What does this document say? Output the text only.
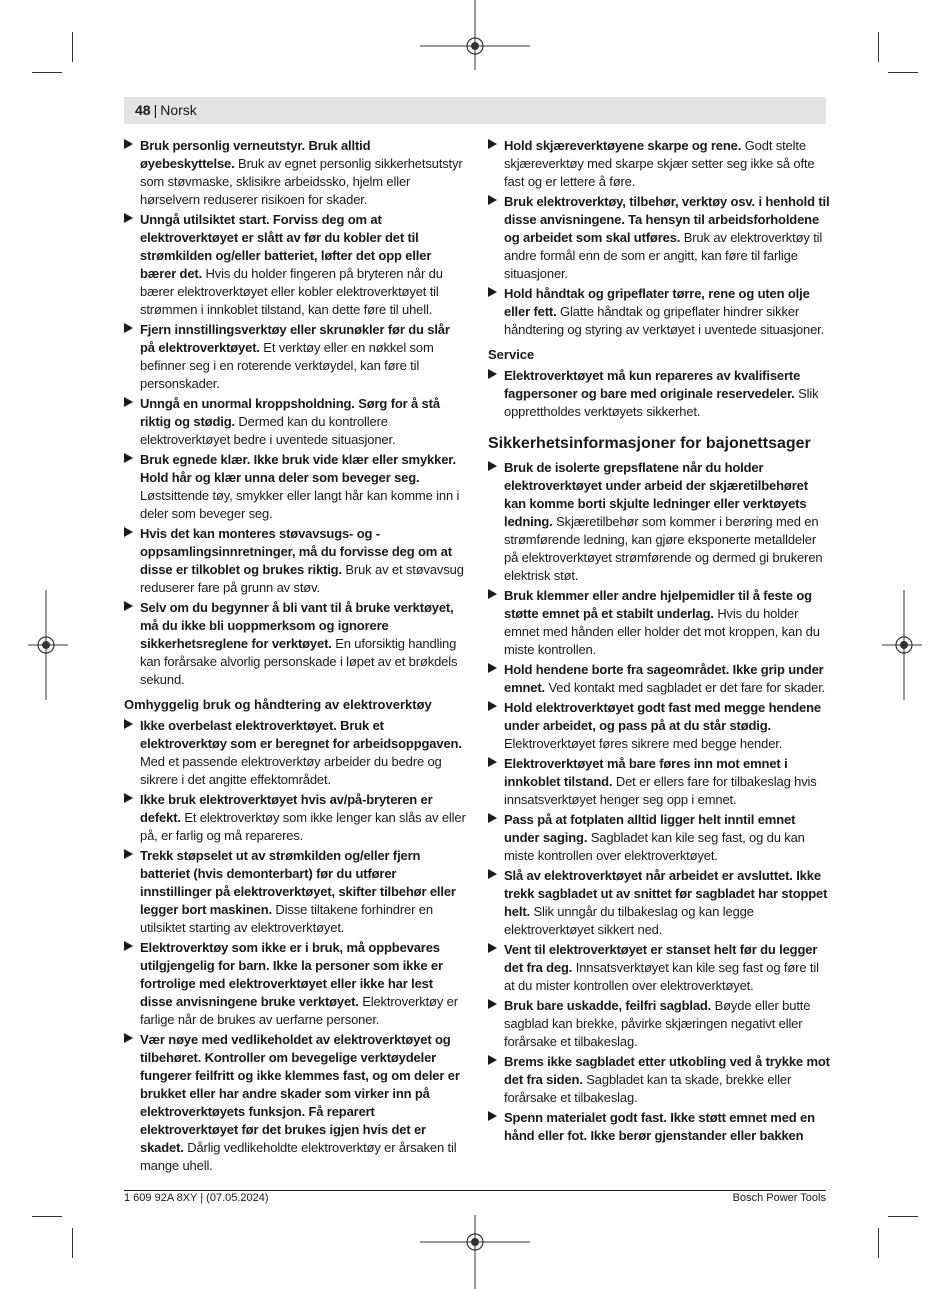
48 | Norsk
Bruk personlig verneutstyr. Bruk alltid øyebeskyttelse. Bruk av egnet personlig sikkerhetsutstyr som støvmaske, sklisikre arbeidssko, hjelm eller hørselvern reduserer risikoen for skader.
Unngå utilsiktet start. Forviss deg om at elektroverktøyet er slått av før du kobler det til strømkilden og/eller batteriet, løfter det opp eller bærer det. Hvis du holder fingeren på bryteren når du bærer elektroverktøyet eller kobler elektroverktøyet til strømmen i innkoblet tilstand, kan dette føre til uhell.
Fjern innstillingsverktøy eller skrunøkler før du slår på elektroverktøyet. Et verktøy eller en nøkkel som befinner seg i en roterende verktøydel, kan føre til personskader.
Unngå en unormal kroppsholdning. Sørg for å stå riktig og stødig. Dermed kan du kontrollere elektroverktøyet bedre i uventede situasjoner.
Bruk egnede klær. Ikke bruk vide klær eller smykker. Hold hår og klær unna deler som beveger seg. Løstsittende tøy, smykker eller langt hår kan komme inn i deler som beveger seg.
Hvis det kan monteres støvavsugs- og -oppsamlingsinnretninger, må du forvisse deg om at disse er tilkoblet og brukes riktig. Bruk av et støvavsug reduserer fare på grunn av støv.
Selv om du begynner å bli vant til å bruke verktøyet, må du ikke bli uoppmerksom og ignorere sikkerhetsreglene for verktøyet. En uforsiktig handling kan forårsake alvorlig personskade i løpet av et brøkdels sekund.
Omhyggelig bruk og håndtering av elektroverktøy
Ikke overbelast elektroverktøyet. Bruk et elektroverktøy som er beregnet for arbeidsoppgaven. Med et passende elektroverktøy arbeider du bedre og sikrere i det angitte effektområdet.
Ikke bruk elektroverktøyet hvis av/på-bryteren er defekt. Et elektroverktøy som ikke lenger kan slås av eller på, er farlig og må repareres.
Trekk støpselet ut av strømkilden og/eller fjern batteriet (hvis demonterbart) før du utfører innstillinger på elektroverktøyet, skifter tilbehør eller legger bort maskinen. Disse tiltakene forhindrer en utilsiktet starting av elektroverktøyet.
Elektroverktøy som ikke er i bruk, må oppbevares utilgjengelig for barn. Ikke la personer som ikke er fortrolige med elektroverktøyet eller ikke har lest disse anvisningene bruke verktøyet. Elektroverktøy er farlige når de brukes av uerfarne personer.
Vær nøye med vedlikeholdet av elektroverktøyet og tilbehøret. Kontroller om bevegelige verktøydeler fungerer feilfritt og ikke klemmes fast, og om deler er brukket eller har andre skader som virker inn på elektroverktøyets funksjon. Få reparert elektroverktøyet før det brukes igjen hvis det er skadet. Dårlig vedlikeholdte elektroverktøy er årsaken til mange uhell.
Hold skjæreverktøyene skarpe og rene. Godt stelte skjæreverktøy med skarpe skjær setter seg ikke så ofte fast og er lettere å føre.
Bruk elektroverktøy, tilbehør, verktøy osv. i henhold til disse anvisningene. Ta hensyn til arbeidsforholdene og arbeidet som skal utføres. Bruk av elektroverktøy til andre formål enn de som er angitt, kan føre til farlige situasjoner.
Hold håndtak og gripeflater tørre, rene og uten olje eller fett. Glatte håndtak og gripeflater hindrer sikker håndtering og styring av verktøyet i uventede situasjoner.
Service
Elektroverktøyet må kun repareres av kvalifiserte fagpersoner og bare med originale reservedeler. Slik opprettholdes verktøyets sikkerhet.
Sikkerhetsinformasjoner for bajonettsager
Bruk de isolerte grepsflatene når du holder elektroverktøyet under arbeid der skjæretilbehøret kan komme borti skjulte ledninger eller verktøyets ledning. Skjæretilbehør som kommer i berøring med en strømførende ledning, kan gjøre eksponerte metalldeler på elektroverktøyet strømførende og dermed gi brukeren elektrisk støt.
Bruk klemmer eller andre hjelpemidler til å feste og støtte emnet på et stabilt underlag. Hvis du holder emnet med hånden eller holder det mot kroppen, kan du miste kontrollen.
Hold hendene borte fra sageområdet. Ikke grip under emnet. Ved kontakt med sagbladet er det fare for skader.
Hold elektroverktøyet godt fast med megge hendene under arbeidet, og pass på at du står stødig. Elektroverktøyet føres sikrere med begge hender.
Elektroverktøyet må bare føres inn mot emnet i innkoblet tilstand. Det er ellers fare for tilbakeslag hvis innsatsverktøyet henger seg opp i emnet.
Pass på at fotplaten alltid ligger helt inntil emnet under saging. Sagbladet kan kile seg fast, og du kan miste kontrollen over elektroverktøyet.
Slå av elektroverktøyet når arbeidet er avsluttet. Ikke trekk sagbladet ut av snittet før sagbladet har stoppet helt. Slik unngår du tilbakeslag og kan legge elektroverktøyet sikkert ned.
Vent til elektroverktøyet er stanset helt før du legger det fra deg. Innsatsverktøyet kan kile seg fast og føre til at du mister kontrollen over elektroverktøyet.
Bruk bare uskadde, feilfri sagblad. Bøyde eller butte sagblad kan brekke, påvirke skjæringen negativt eller forårsake et tilbakeslag.
Brems ikke sagbladet etter utkobling ved å trykke mot det fra siden. Sagbladet kan ta skade, brekke eller forårsake et tilbakeslag.
Spenn materialet godt fast. Ikke støtt emnet med en hånd eller fot. Ikke berør gjenstander eller bakken
1 609 92A 8XY | (07.05.2024)	Bosch Power Tools
